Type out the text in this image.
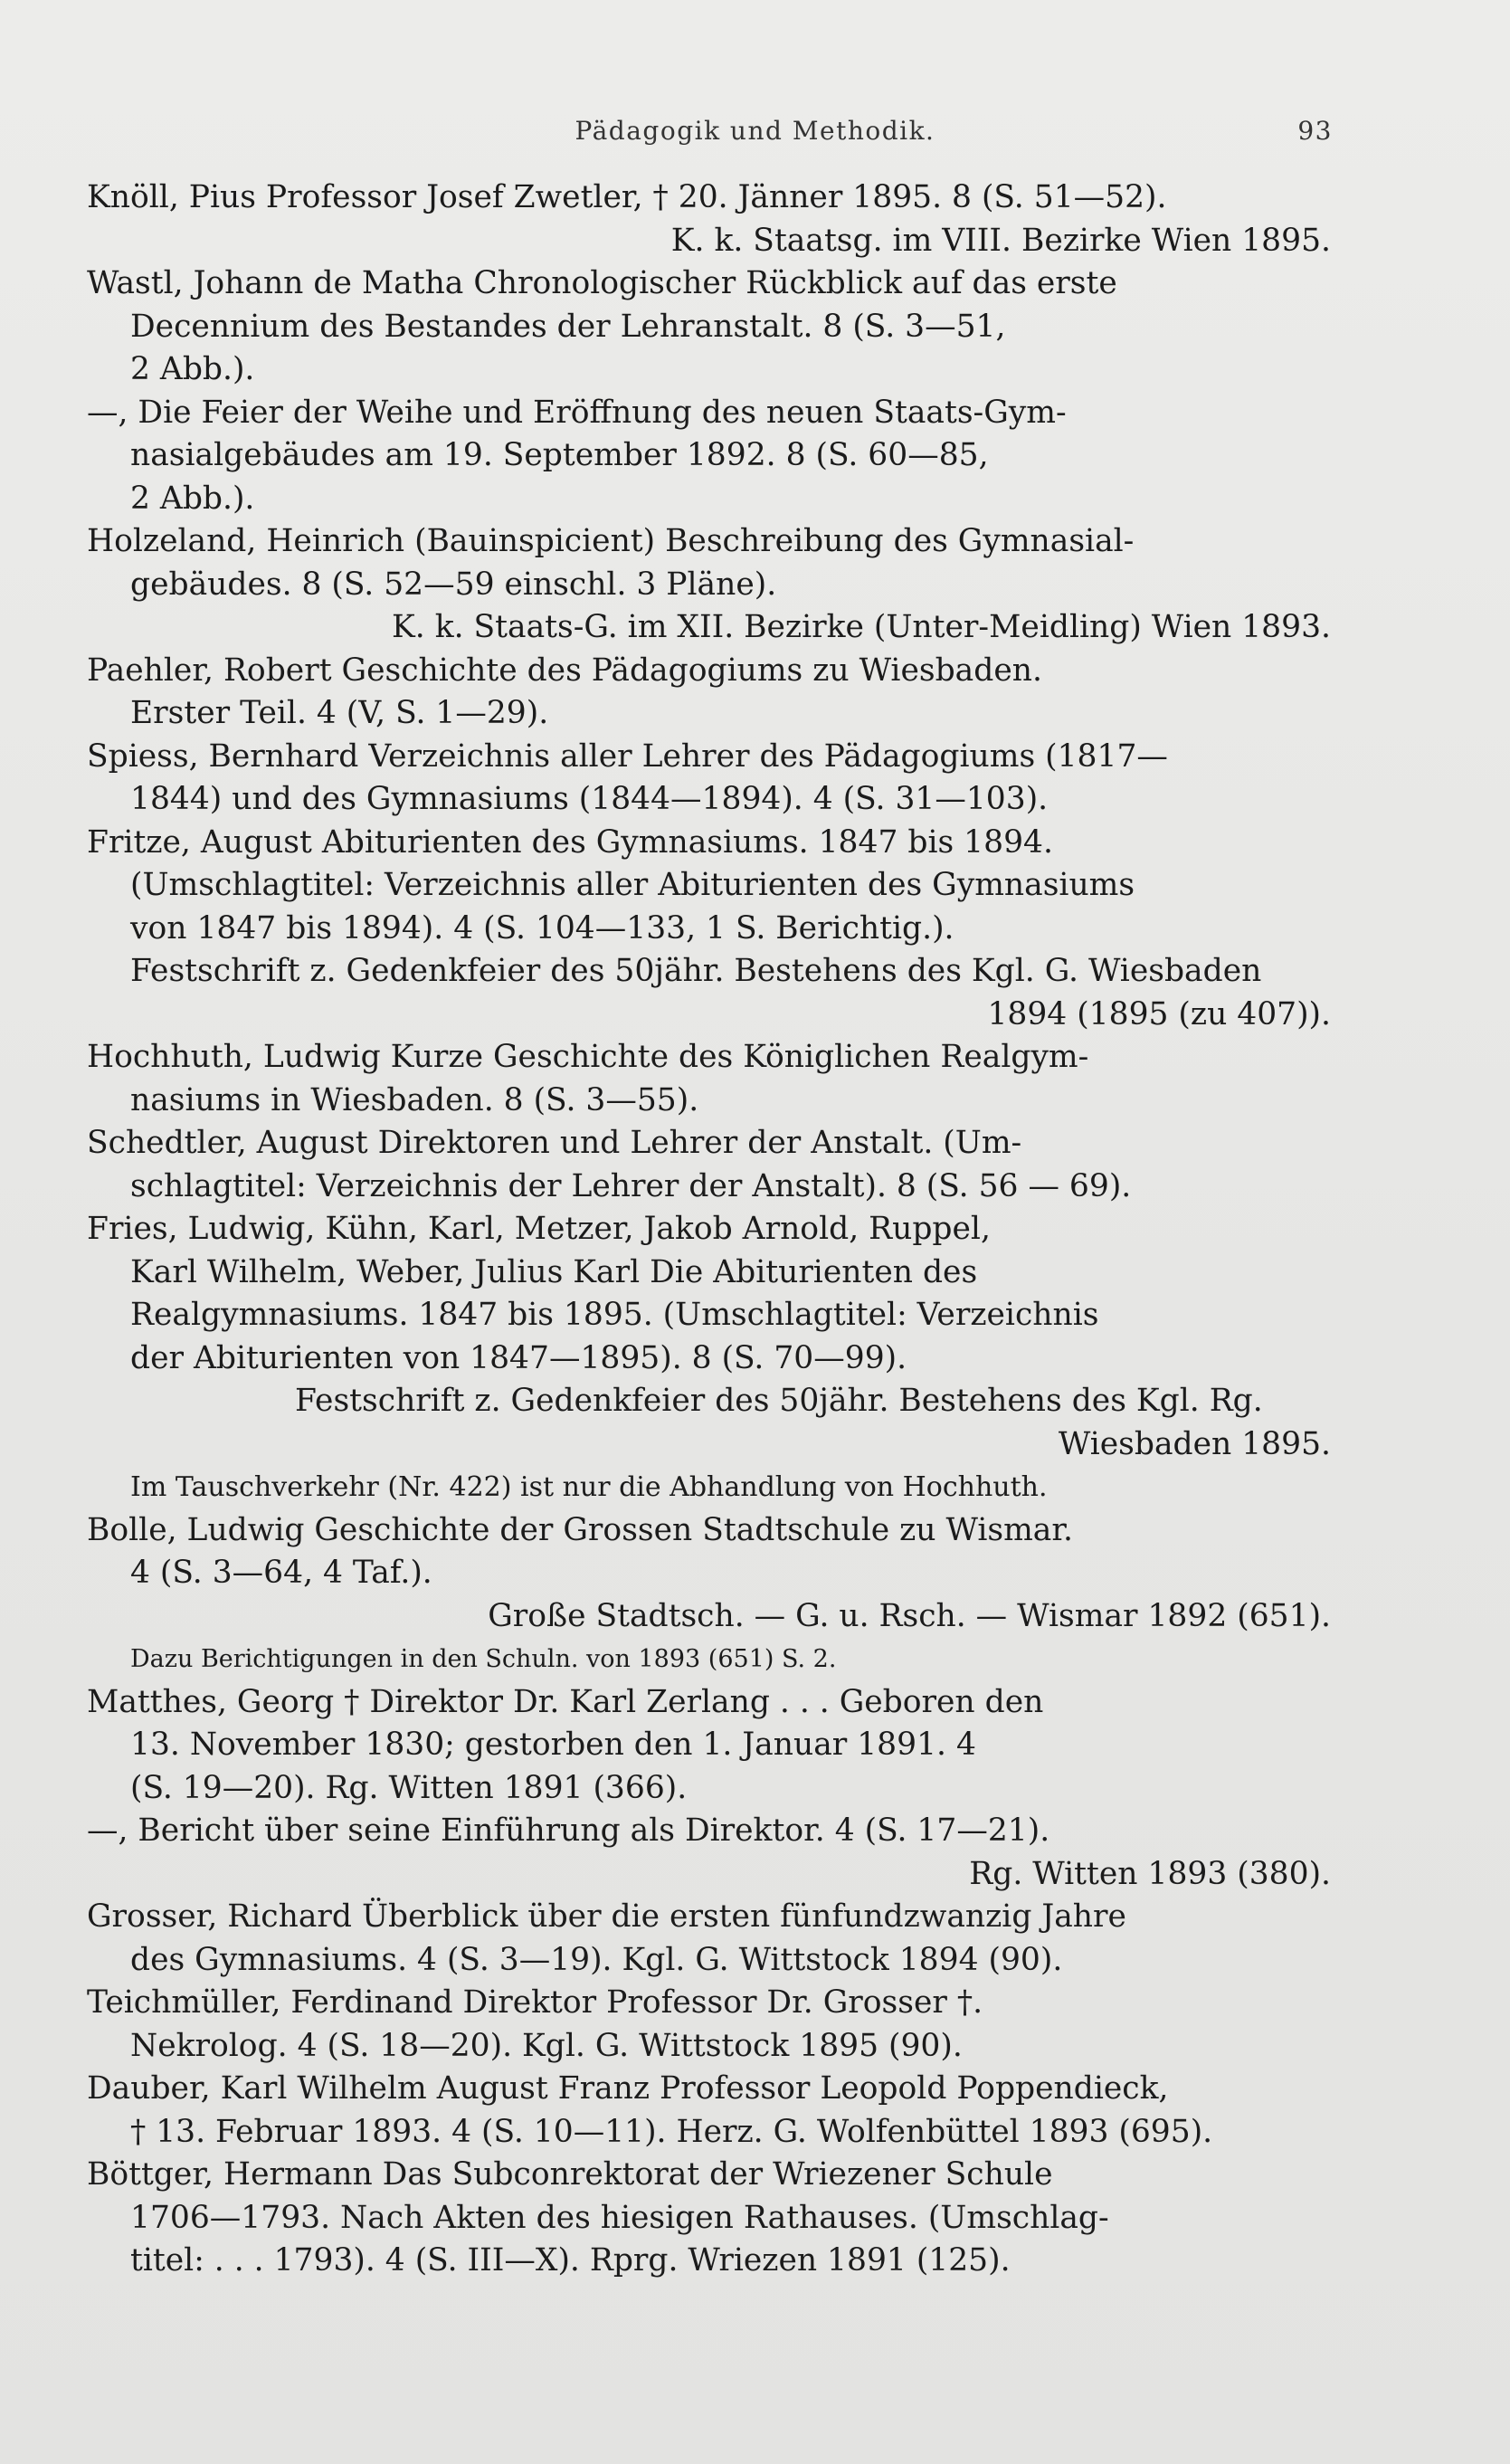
Pädagogik und Methodik.	93

Knöll, Pius Professor Josef Zwetler, † 20. Jänner 1895. 8 (S. 51—52).
K. k. Staatsg. im VIII. Bezirke Wien 1895.

Wastl, Johann de Matha Chronologischer Rückblick auf das erste
Decennium des Bestandes der Lehranstalt. 8 (S. 3—51,
2 Abb.).

—, Die Feier der Weihe und Eröffnung des neuen Staats-Gym-
nasialgebäudes am 19. September 1892. 8 (S. 60—85,
2 Abb.).

Holzeland, Heinrich (Bauinspicient) Beschreibung des Gymnasial-
gebäudes. 8 (S. 52—59 einschl. 3 Pläne).
K. k. Staats-G. im XII. Bezirke (Unter-Meidling) Wien 1893.

Paehler, Robert Geschichte des Pädagogiums zu Wiesbaden.
Erster Teil. 4 (V, S. 1—29).

Spiess, Bernhard Verzeichnis aller Lehrer des Pädagogiums (1817—
1844) und des Gymnasiums (1844—1894). 4 (S. 31—103).

Fritze, August Abiturienten des Gymnasiums. 1847 bis 1894.
(Umschlagtitel: Verzeichnis aller Abiturienten des Gymnasiums
von 1847 bis 1894). 4 (S. 104—133, 1 S. Berichtig.).
Festschrift z. Gedenkfeier des 50jähr. Bestehens des Kgl. G. Wiesbaden
1894 (1895 (zu 407)).

Hochhuth, Ludwig Kurze Geschichte des Königlichen Realgym-
nasiums in Wiesbaden. 8 (S. 3—55).

Schedtler, August Direktoren und Lehrer der Anstalt. (Um-
schlagtitel: Verzeichnis der Lehrer der Anstalt). 8 (S. 56 — 69).

Fries, Ludwig, Kühn, Karl, Metzer, Jakob Arnold, Ruppel,
Karl Wilhelm, Weber, Julius Karl Die Abiturienten des
Realgymnasiums. 1847 bis 1895. (Umschlagtitel: Verzeichnis
der Abiturienten von 1847—1895). 8 (S. 70—99).
Festschrift z. Gedenkfeier des 50jähr. Bestehens des Kgl. Rg.
Wiesbaden 1895.
Im Tauschverkehr (Nr. 422) ist nur die Abhandlung von Hochhuth.

Bolle, Ludwig Geschichte der Grossen Stadtschule zu Wismar.
4 (S. 3—64, 4 Taf.).
Große Stadtsch. — G. u. Rsch. — Wismar 1892 (651).
Dazu Berichtigungen in den Schuln. von 1893 (651) S. 2.

Matthes, Georg † Direktor Dr. Karl Zerlang . . . Geboren den
13. November 1830; gestorben den 1. Januar 1891. 4
(S. 19—20). Rg. Witten 1891 (366).

—, Bericht über seine Einführung als Direktor. 4 (S. 17—21).
Rg. Witten 1893 (380).

Grosser, Richard Überblick über die ersten fünfundzwanzig Jahre
des Gymnasiums. 4 (S. 3—19). Kgl. G. Wittstock 1894 (90).

Teichmüller, Ferdinand Direktor Professor Dr. Grosser †.
Nekrolog. 4 (S. 18—20). Kgl. G. Wittstock 1895 (90).

Dauber, Karl Wilhelm August Franz Professor Leopold Poppendieck,
† 13. Februar 1893. 4 (S. 10—11). Herz. G. Wolfenbüttel 1893 (695).

Böttger, Hermann Das Subconrektorat der Wriezener Schule
1706—1793. Nach Akten des hiesigen Rathauses. (Umschlag-
titel: . . . 1793). 4 (S. III—X). Rprg. Wriezen 1891 (125).
